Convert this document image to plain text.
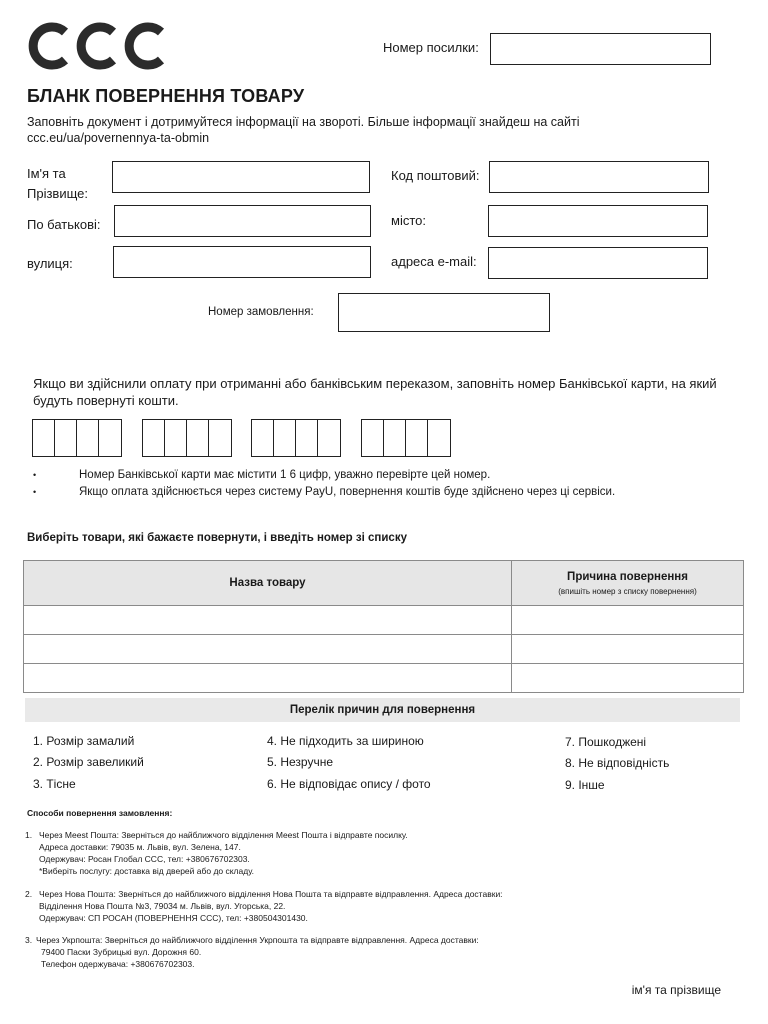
Номер посилки:
БЛАНК ПОВЕРНЕННЯ ТОВАРУ
Заповніть документ і дотримуйтеся інформації на звороті. Більше інформації знайдеш на сайті
ccc.eu/ua/povernennya-ta-obmin
Ім'я та
Прізвище:
По батькові:
вулиця:
Код поштовий:
місто:
адреса e-mail:
Номер замовлення:
Якщо ви здійснили оплату при отриманні або банківським переказом, заповніть номер Банківської карти, на який будуть повернуті кошти.
• Номер Банківської карти має містити 1 6 цифр, уважно перевірте цей номер.
• Якщо оплата здійснюється через систему PayU, повернення коштів буде здійснено через ці сервіси.
Виберіть товари, які бажаєте повернути, і введіть номер зі списку
Назва товару	Причина повернення
(впишіть номер з списку повернення)

Перелік причин для повернення
1. Розмір замалий
2. Розмір завеликий
3. Тісне
4. Не підходить за шириною
5. Незручне
6. Не відповідає опису / фото
7. Пошкоджені
8. Не відповідність
9. Інше
Способи повернення замовлення:
1. Через Meest Пошта: Зверніться до найближчого відділення Meest Пошта і відправте посилку.
Адреса доставки: 79035 м. Львів, вул. Зелена, 147.
Одержувач: Росан Глобал ССС, тел: +380676702303.
*Виберіть послугу: доставка від дверей або до складу.
2. Через Нова Пошта: Зверніться до найближчого відділення Нова Пошта та відправте відправлення. Адреса доставки:
Відділення Нова Пошта №3, 79034 м. Львів, вул. Угорська, 22.
Одержувач: СП РОСАН (ПОВЕРНЕННЯ ССС), тел: +380504301430.
3. Через Укрпошта: Зверніться до найближчого відділення Укрпошта та відправте відправлення. Адреса доставки:
79400 Паски Зубрицькі вул. Дорожня 60.
Телефон одержувача: +380676702303.
ім'я та прізвище
